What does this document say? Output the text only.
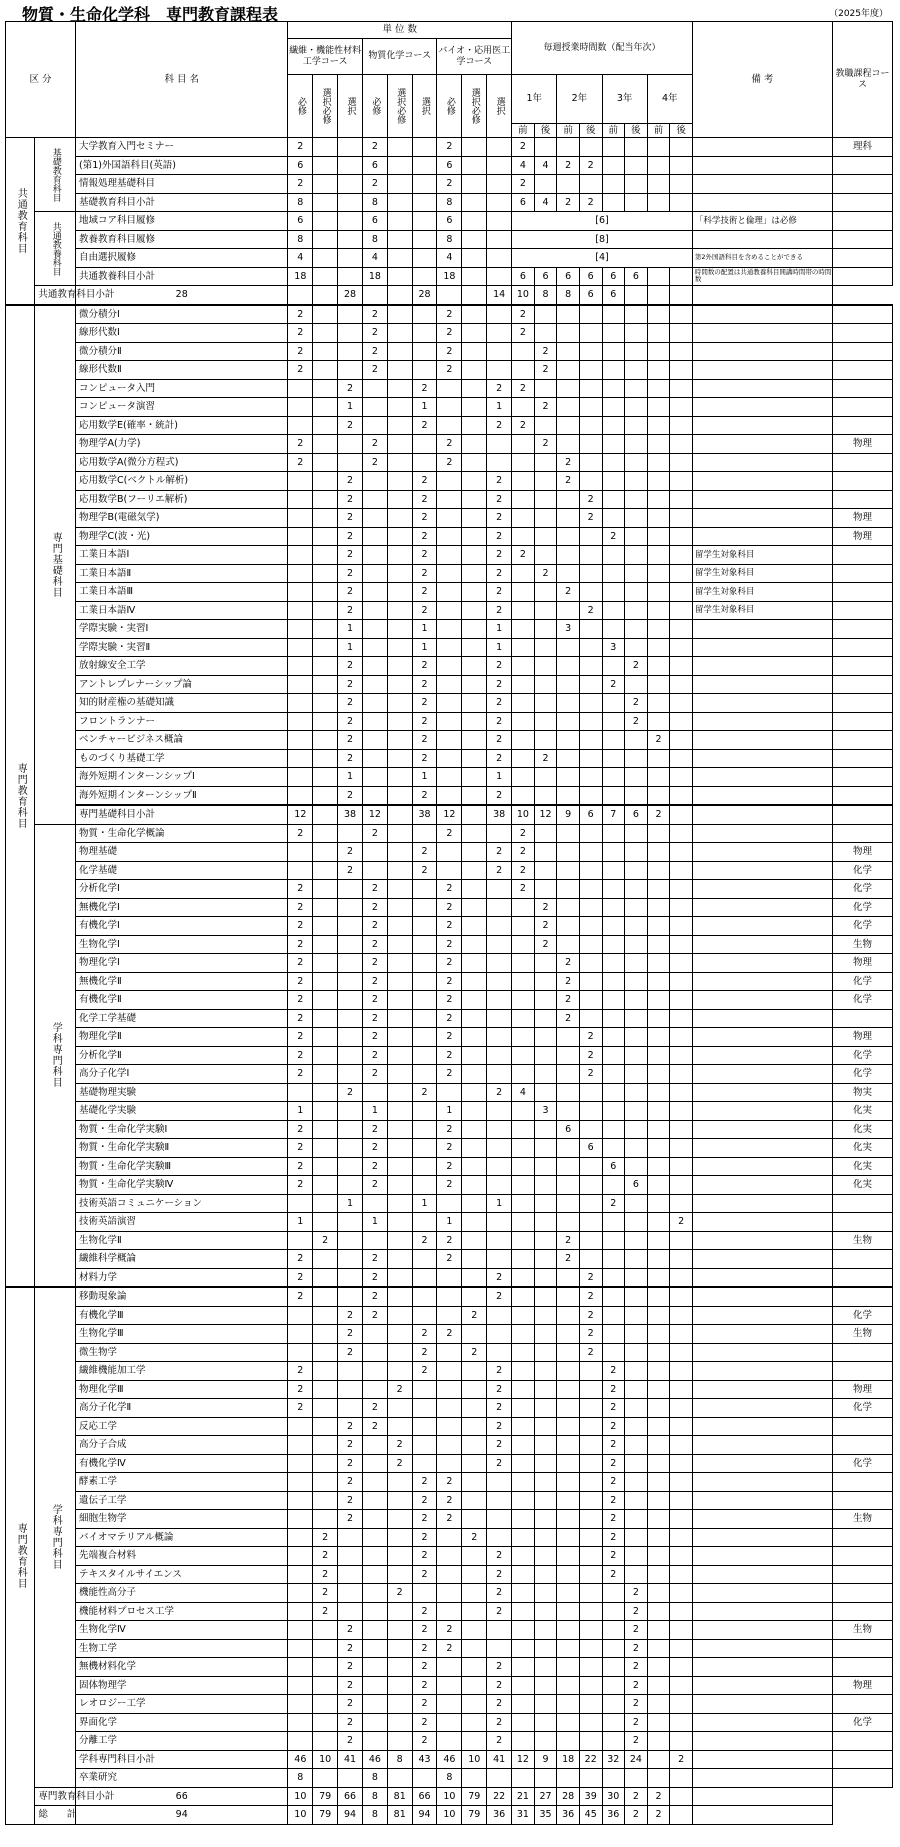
物質・生命化学科　専門教育課程表	（2025年度）
区 分		科 目 名	単 位 数									毎週授業時間数（配当年次）								備 考	教職課程コース
			繊維・機能性材料工学コース			物質化学コース			バイオ・応用医工学コース												
			必修	選択必修	選択	必修	選択必修	選択	必修	選択必修	選択	1年		2年		3年		4年			
												前	後	前	後	前	後	前	後		
共通教育科目	基礎教育科目	大学教育入門セミナー	2			2			2			2									理科
		(第1)外国語科目(英語)	6			6			6			4	4	2	2						
		情報処理基礎科目	2			2			2			2									
		基礎教育科目小計	8			8			8			6	4	2	2						
	共通教養科目	地域コア科目履修	6			6			6			[6]								「科学技術と倫理」は必修	
		教養教育科目履修	8			8			8			[8]									
		自由選択履修	4			4			4			[4]								第2外国語科目を含めることができる	
		共通教養科目小計	18			18			18			6	6	6	6	6	6			時間数の配置は共通教養科目開講時間帯の時間数	
	共通教育科目小計	28			28			28			14	10	8	8	6	6					
専門教育科目	専門基礎科目	微分積分Ⅰ	2			2			2			2									
		線形代数Ⅰ	2			2			2			2									
		微分積分Ⅱ	2			2			2				2								
		線形代数Ⅱ	2			2			2				2								
		コンピュータ入門			2			2			2	2									
		コンピュータ演習			1			1			1		2								
		応用数学E(確率・統計)			2			2			2	2									
		物理学A(力学)	2			2			2				2								物理
		応用数学A(微分方程式)	2			2			2					2							
		応用数学C(ベクトル解析)			2			2			2			2							
		応用数学B(フーリエ解析)			2			2			2				2						
		物理学B(電磁気学)			2			2			2				2						物理
		物理学C(波・光)			2			2			2					2					物理
		工業日本語Ⅰ			2			2			2	2								留学生対象科目	
		工業日本語Ⅱ			2			2			2		2							留学生対象科目	
		工業日本語Ⅲ			2			2			2			2						留学生対象科目	
		工業日本語Ⅳ			2			2			2				2					留学生対象科目	
		学際実験・実習Ⅰ			1			1			1			3							
		学際実験・実習Ⅱ			1			1			1					3					
		放射線安全工学			2			2			2						2				
		アントレプレナーシップ論			2			2			2					2					
		知的財産権の基礎知識			2			2			2						2				
		フロントランナー			2			2			2						2				
		ベンチャービジネス概論			2			2			2							2			
		ものづくり基礎工学			2			2			2		2								
		海外短期インターンシップⅠ			1			1			1										
		海外短期インターンシップⅡ			2			2			2										
		専門基礎科目小計	12		38	12		38	12		38	10	12	9	6	7	6	2			
	学科専門科目	物質・生命化学概論	2			2			2			2									
		物理基礎			2			2			2	2									物理
		化学基礎			2			2			2	2									化学
		分析化学Ⅰ	2			2			2			2									化学
		無機化学Ⅰ	2			2			2				2								化学
		有機化学Ⅰ	2			2			2				2								化学
		生物化学Ⅰ	2			2			2				2								生物
		物理化学Ⅰ	2			2			2					2							物理
		無機化学Ⅱ	2			2			2					2							化学
		有機化学Ⅱ	2			2			2					2							化学
		化学工学基礎	2			2			2					2							
		物理化学Ⅱ	2			2			2						2						物理
		分析化学Ⅱ	2			2			2						2						化学
		高分子化学Ⅰ	2			2			2						2						化学
		基礎物理実験			2			2			2	4									物実
		基礎化学実験	1			1			1				3								化実
		物質・生命化学実験Ⅰ	2			2			2					6							化実
		物質・生命化学実験Ⅱ	2			2			2						6						化実
		物質・生命化学実験Ⅲ	2			2			2							6					化実
		物質・生命化学実験Ⅳ	2			2			2								6				化実
		技術英語コミュニケーション			1			1			1					2					
		技術英語演習	1			1			1										2		
		生物化学Ⅱ		2				2	2					2							生物
		繊維科学概論	2			2			2					2							
		材料力学	2			2					2				2						
専門教育科目	学科専門科目	移動現象論	2			2					2				2						
		有機化学Ⅲ			2	2				2					2						化学
		生物化学Ⅲ			2			2	2						2						生物
		微生物学			2			2		2					2						
		繊維機能加工学	2					2			2					2					
		物理化学Ⅲ	2				2				2					2					物理
		高分子化学Ⅱ	2			2					2					2					化学
		反応工学			2	2					2					2					
		高分子合成			2		2				2					2					
		有機化学Ⅳ			2		2				2					2					化学
		酵素工学			2			2	2							2					
		遺伝子工学			2			2	2							2					
		細胞生物学			2			2	2							2					生物
		バイオマテリアル概論		2				2		2						2					
		先端複合材料		2				2			2					2					
		テキスタイルサイエンス		2				2			2					2					
		機能性高分子		2			2				2						2				
		機能材料プロセス工学		2				2			2						2				
		生物化学Ⅳ			2			2	2								2				生物
		生物工学			2			2	2								2				
		無機材料化学			2			2			2						2				
		固体物理学			2			2			2						2				物理
		レオロジー工学			2			2			2						2				
		界面化学			2			2			2						2				化学
		分離工学			2			2			2						2				
		学科専門科目小計	46	10	41	46	8	43	46	10	41	12	9	18	22	32	24		2		
		卒業研究	8			8			8												
	専門教育科目小計	66	10	79	66	8	81	66	10	79	22	21	27	28	39	30	2	2			
	総　　計	94	10	79	94	8	81	94	10	79	36	31	35	36	45	36	2	2			
